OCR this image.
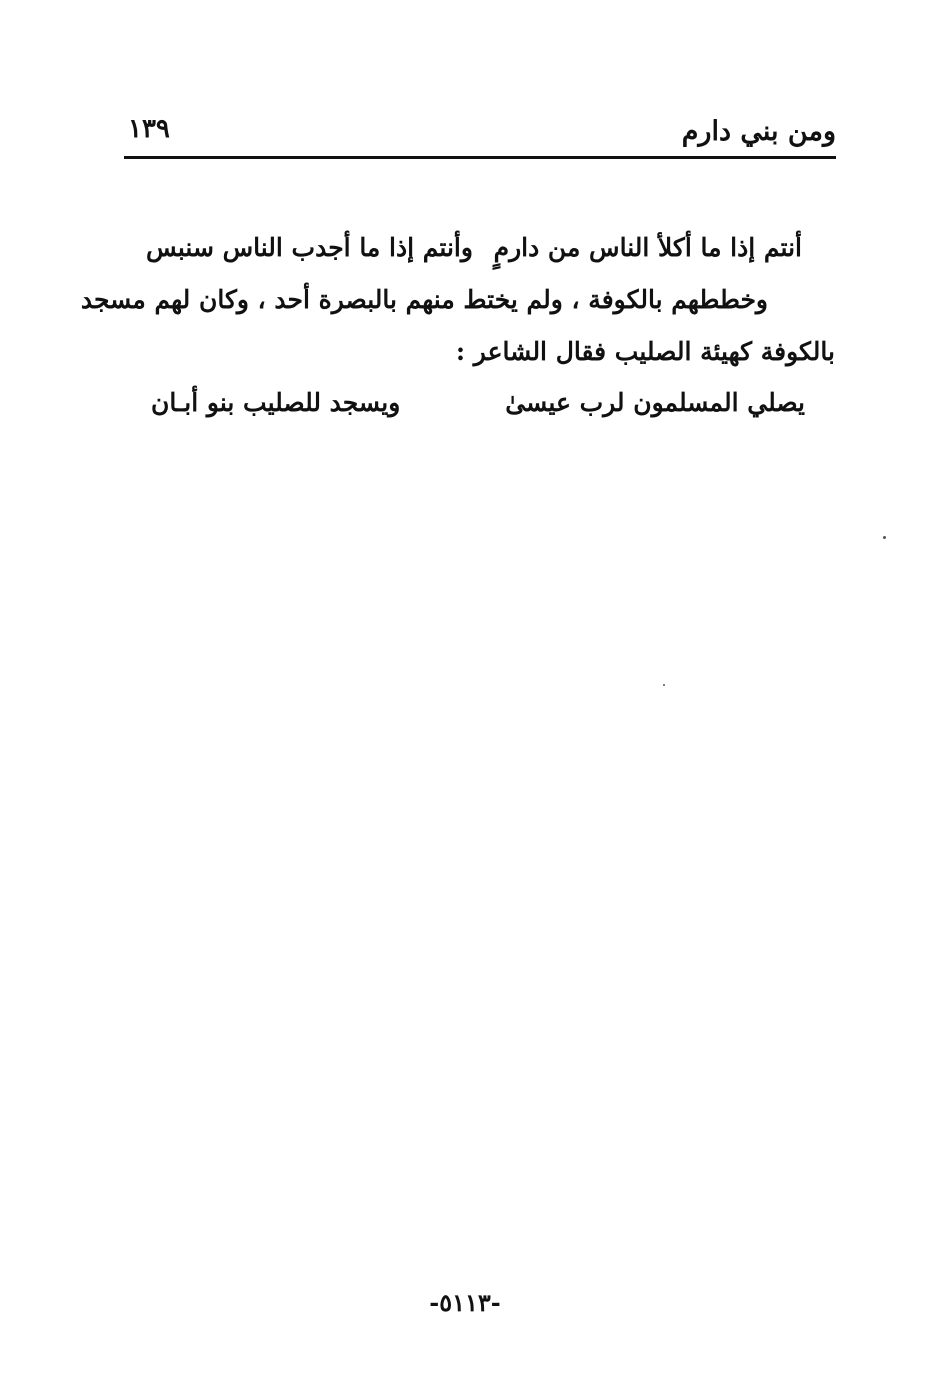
ومن بني دارم
١٣٩
أنتم إذا ما أكلأ الناس من دارمٍ
وأنتم إذا ما أجدب الناس سنبس
وخططهم بالكوفة ، ولم يختط منهم بالبصرة أحد ، وكان لهم مسجد
بالكوفة كهيئة الصليب فقال الشاعر :
يصلي المسلمون لرب عيسىٰ
ويسجد للصليب بنو أبـان
-٥١١٣-
